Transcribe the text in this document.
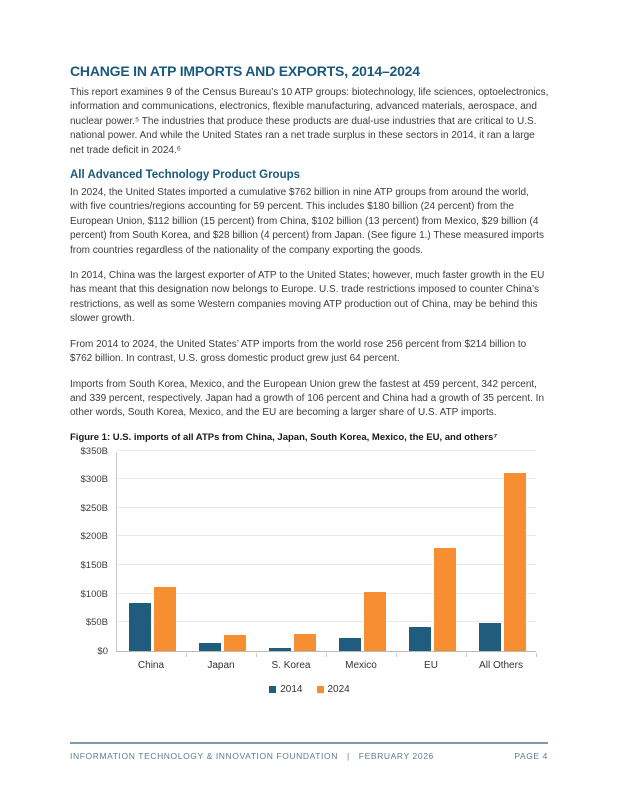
CHANGE IN ATP IMPORTS AND EXPORTS, 2014–2024

This report examines 9 of the Census Bureau’s 10 ATP groups: biotechnology, life sciences, optoelectronics, information and communications, electronics, flexible manufacturing, advanced materials, aerospace, and nuclear power.⁵ The industries that produce these products are dual-use industries that are critical to U.S. national power. And while the United States ran a net trade surplus in these sectors in 2014, it ran a large net trade deficit in 2024.⁶

All Advanced Technology Product Groups

In 2024, the United States imported a cumulative $762 billion in nine ATP groups from around the world, with five countries/regions accounting for 59 percent. This includes $180 billion (24 percent) from the European Union, $112 billion (15 percent) from China, $102 billion (13 percent) from Mexico, $29 billion (4 percent) from South Korea, and $28 billion (4 percent) from Japan. (See figure 1.) These measured imports from countries regardless of the nationality of the company exporting the goods.

In 2014, China was the largest exporter of ATP to the United States; however, much faster growth in the EU has meant that this designation now belongs to Europe. U.S. trade restrictions imposed to counter China’s restrictions, as well as some Western companies moving ATP production out of China, may be behind this slower growth.

From 2014 to 2024, the United States’ ATP imports from the world rose 256 percent from $214 billion to $762 billion. In contrast, U.S. gross domestic product grew just 64 percent.

Imports from South Korea, Mexico, and the European Union grew the fastest at 459 percent, 342 percent, and 339 percent, respectively. Japan had a growth of 106 percent and China had a growth of 35 percent. In other words, South Korea, Mexico, and the EU are becoming a larger share of U.S. ATP imports.

Figure 1: U.S. imports of all ATPs from China, Japan, South Korea, Mexico, the EU, and others⁷
$0
$50B
$100B
$150B
$200B
$250B
$300B
$350B
China	Japan	S. Korea	Mexico	EU	All Others
2014	2024
INFORMATION TECHNOLOGY & INNOVATION FOUNDATION | FEBRUARY 2026	PAGE 4
